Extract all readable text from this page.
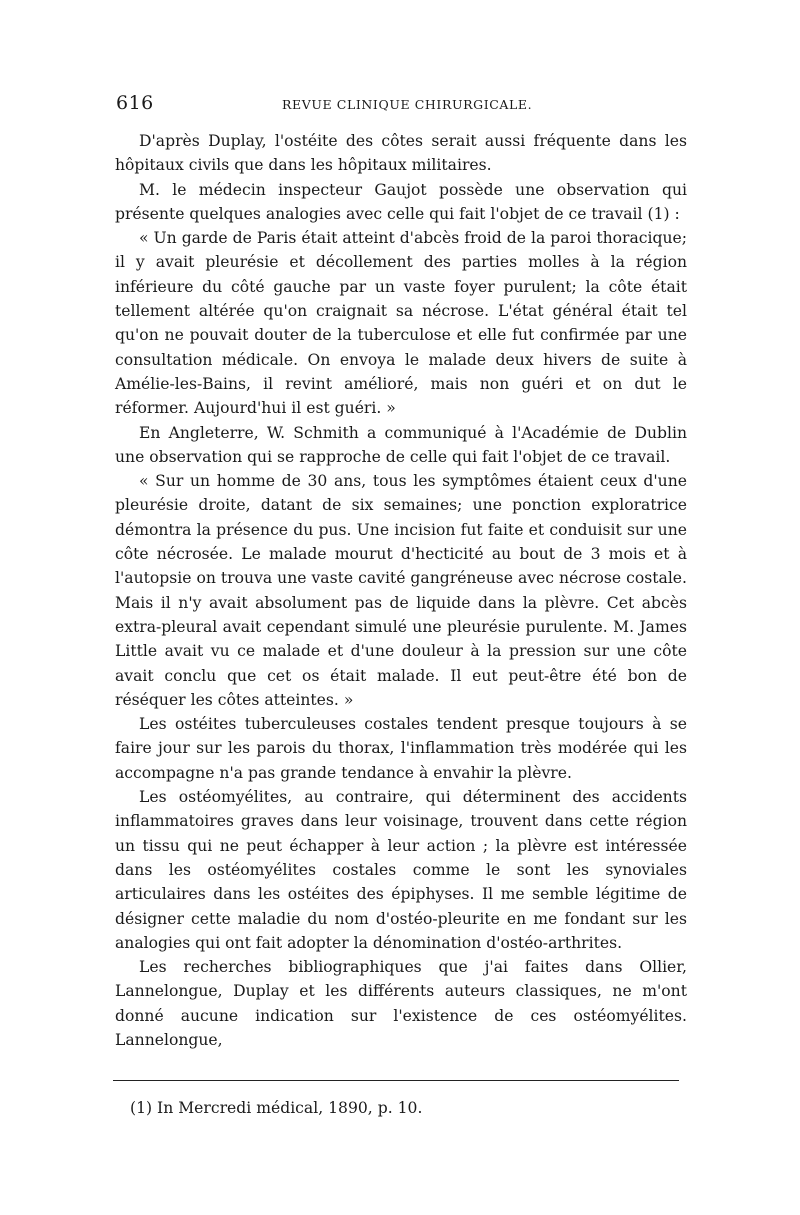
616	REVUE CLINIQUE CHIRURGICALE.

D'après Duplay, l'ostéite des côtes serait aussi fréquente dans les hôpitaux civils que dans les hôpitaux militaires.

M. le médecin inspecteur Gaujot possède une observation qui présente quelques analogies avec celle qui fait l'objet de ce travail (1) :

« Un garde de Paris était atteint d'abcès froid de la paroi thoracique; il y avait pleurésie et décollement des parties molles à la région inférieure du côté gauche par un vaste foyer purulent; la côte était tellement altérée qu'on craignait sa nécrose. L'état général était tel qu'on ne pouvait douter de la tuberculose et elle fut confirmée par une consultation médicale. On envoya le malade deux hivers de suite à Amélie-les-Bains, il revint amélioré, mais non guéri et on dut le réformer. Aujourd'hui il est guéri. »

En Angleterre, W. Schmith a communiqué à l'Académie de Dublin une observation qui se rapproche de celle qui fait l'objet de ce travail.

« Sur un homme de 30 ans, tous les symptômes étaient ceux d'une pleurésie droite, datant de six semaines; une ponction exploratrice démontra la présence du pus. Une incision fut faite et conduisit sur une côte nécrosée. Le malade mourut d'hecticité au bout de 3 mois et à l'autopsie on trouva une vaste cavité gangréneuse avec nécrose costale. Mais il n'y avait absolument pas de liquide dans la plèvre. Cet abcès extra-pleural avait cependant simulé une pleurésie purulente. M. James Little avait vu ce malade et d'une douleur à la pression sur une côte avait conclu que cet os était malade. Il eut peut-être été bon de réséquer les côtes atteintes. »

Les ostéites tuberculeuses costales tendent presque toujours à se faire jour sur les parois du thorax, l'inflammation très modérée qui les accompagne n'a pas grande tendance à envahir la plèvre.

Les ostéomyélites, au contraire, qui déterminent des accidents inflammatoires graves dans leur voisinage, trouvent dans cette région un tissu qui ne peut échapper à leur action ; la plèvre est intéressée dans les ostéomyélites costales comme le sont les synoviales articulaires dans les ostéites des épiphyses. Il me semble légitime de désigner cette maladie du nom d'ostéo-pleurite en me fondant sur les analogies qui ont fait adopter la dénomination d'ostéo-arthrites.

Les recherches bibliographiques que j'ai faites dans Ollier, Lannelongue, Duplay et les différents auteurs classiques, ne m'ont donné aucune indication sur l'existence de ces ostéomyélites. Lannelongue,

(1) In Mercredi médical, 1890, p. 10.
